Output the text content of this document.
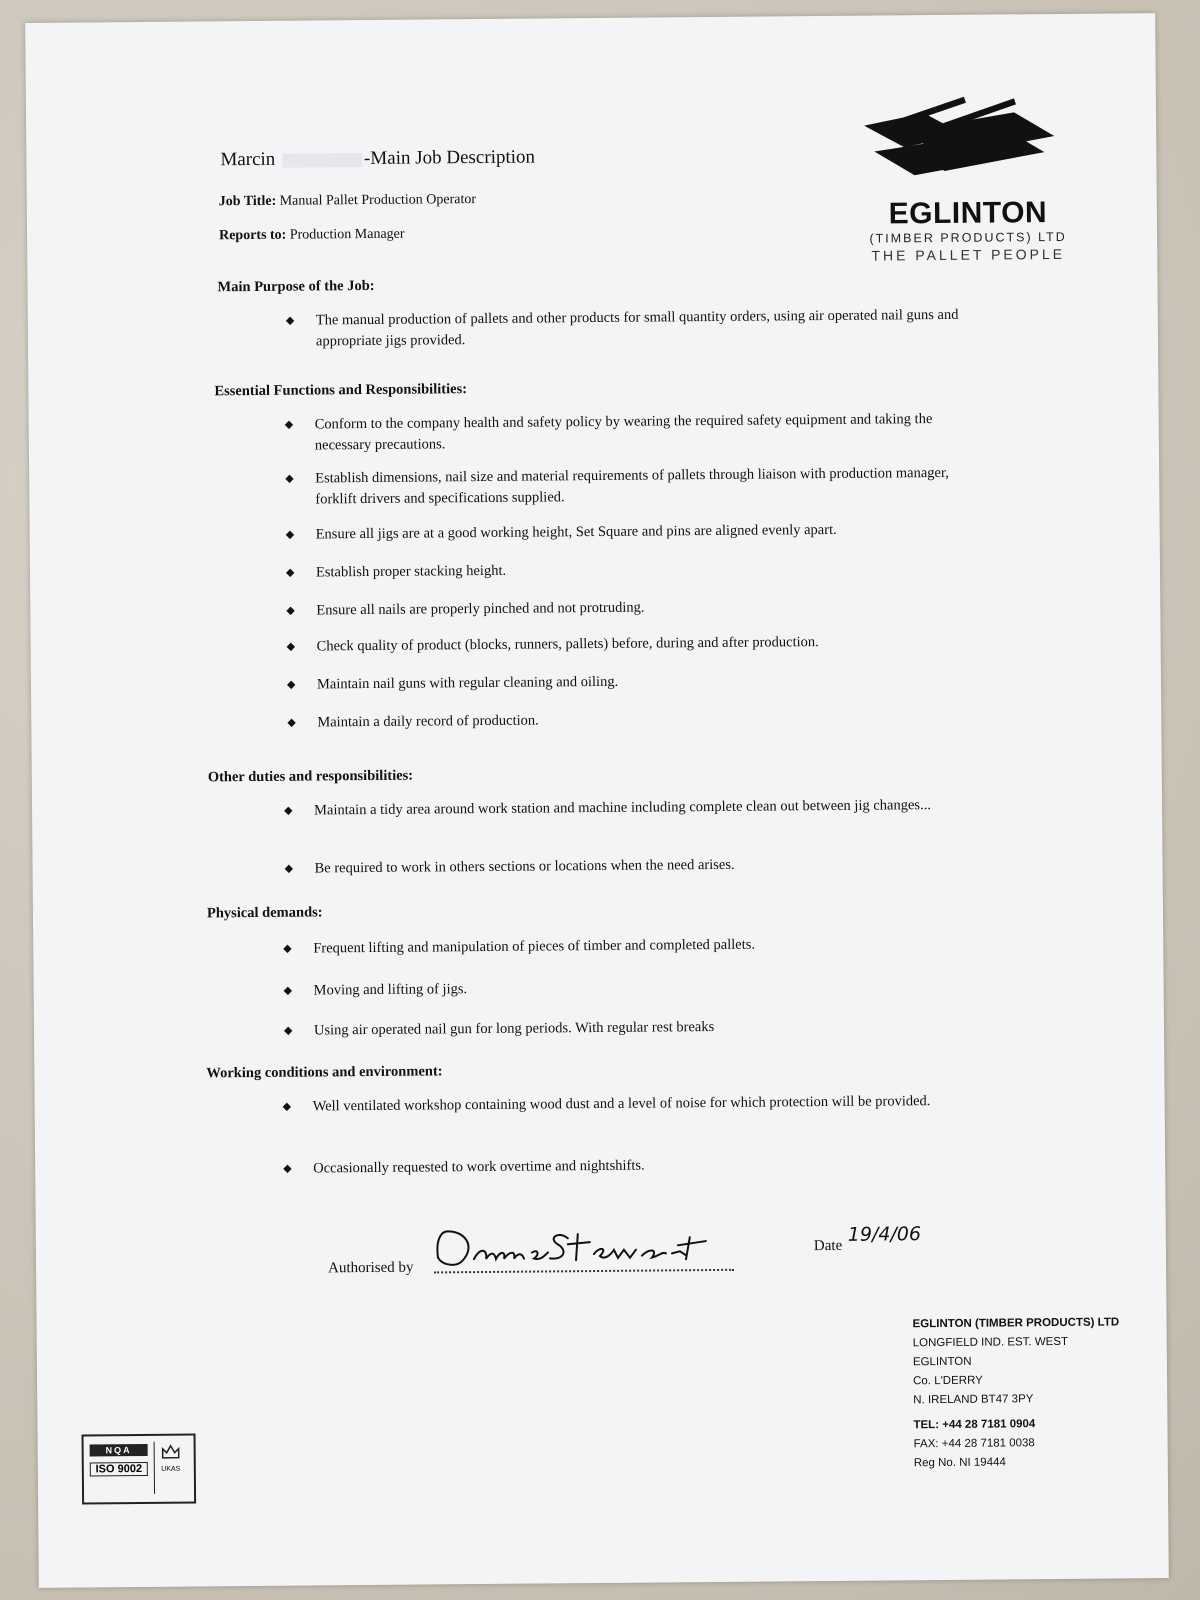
Marcin	-Main Job Description
Job Title: Manual Pallet Production Operator
Reports to: Production Manager
EGLINTON
(TIMBER PRODUCTS) LTD
THE PALLET PEOPLE
Main Purpose of the Job:
◆ The manual production of pallets and other products for small quantity orders, using air operated nail guns and appropriate jigs provided.
Essential Functions and Responsibilities:
◆ Conform to the company health and safety policy by wearing the required safety equipment and taking the necessary precautions.
◆ Establish dimensions, nail size and material requirements of pallets through liaison with production manager, forklift drivers and specifications supplied.
◆ Ensure all jigs are at a good working height, Set Square and pins are aligned evenly apart.
◆ Establish proper stacking height.
◆ Ensure all nails are properly pinched and not protruding.
◆ Check quality of product (blocks, runners, pallets) before, during and after production.
◆ Maintain nail guns with regular cleaning and oiling.
◆ Maintain a daily record of production.
Other duties and responsibilities:
◆ Maintain a tidy area around work station and machine including complete clean out between jig changes...
◆ Be required to work in others sections or locations when the need arises.
Physical demands:
◆ Frequent lifting and manipulation of pieces of timber and completed pallets.
◆ Moving and lifting of jigs.
◆ Using air operated nail gun for long periods. With regular rest breaks
Working conditions and environment:
◆ Well ventilated workshop containing wood dust and a level of noise for which protection will be provided.
◆ Occasionally requested to work overtime and nightshifts.
Authorised by
Date
19/4/06
EGLINTON (TIMBER PRODUCTS) LTD
LONGFIELD IND. EST. WEST
EGLINTON
Co. L'DERRY
N. IRELAND BT47 3PY
TEL: +44 28 7181 0904
FAX: +44 28 7181 0038
Reg No. NI 19444
NQA
ISO 9002	UKAS
